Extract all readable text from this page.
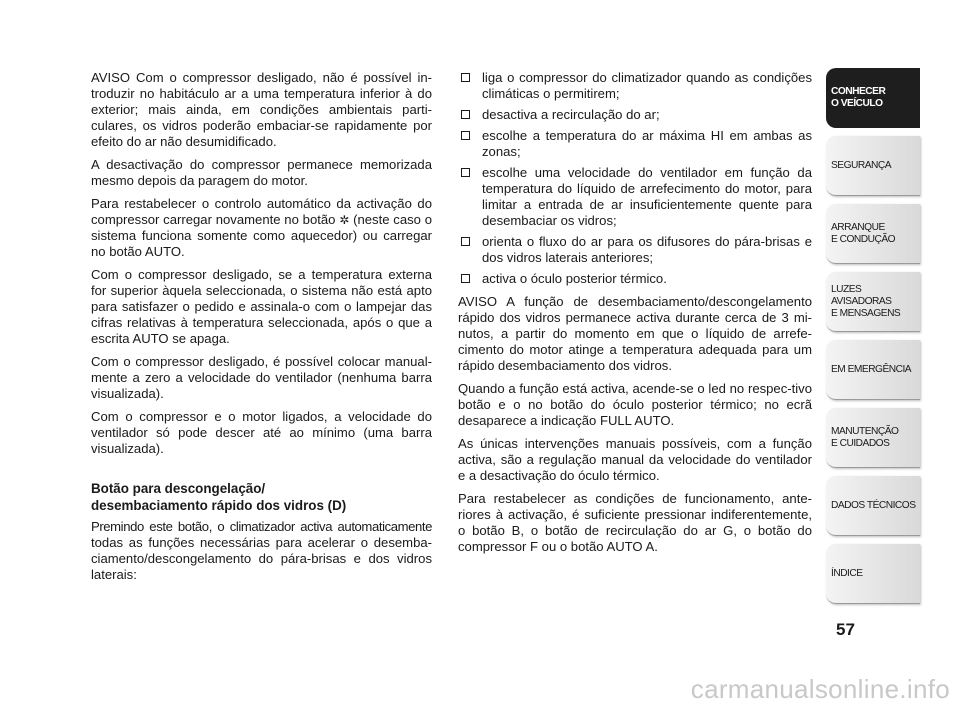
AVISO Com o compressor desligado, não é possível in-troduzir no habitáculo ar a uma temperatura inferior à do exterior; mais ainda, em condições ambientais parti-culares, os vidros poderão embaciar-se rapidamente por efeito do ar não desumidificado.

A desactivação do compressor permanece memorizada mesmo depois da paragem do motor.

Para restabelecer o controlo automático da activação do compressor carregar novamente no botão ✲ (neste caso o sistema funciona somente como aquecedor) ou carregar no botão AUTO.

Com o compressor desligado, se a temperatura externa for superior àquela seleccionada, o sistema não está apto para satisfazer o pedido e assinala-o com o lampejar das cifras relativas à temperatura seleccionada, após o que a escrita AUTO se apaga.

Com o compressor desligado, é possível colocar manual-mente a zero a velocidade do ventilador (nenhuma barra visualizada).

Com o compressor e o motor ligados, a velocidade do ventilador só pode descer até ao mínimo (uma barra visualizada).

Botão para descongelação/
desembaciamento rápido dos vidros (D)

Premindo este botão, o climatizador activa automaticamente todas as funções necessárias para acelerar o desemba-ciamento/descongelamento do pára-brisas e dos vidros laterais:

liga o compressor do climatizador quando as condições climáticas o permitirem;
desactiva a recirculação do ar;
escolhe a temperatura do ar máxima HI em ambas as zonas;
escolhe uma velocidade do ventilador em função da temperatura do líquido de arrefecimento do motor, para limitar a entrada de ar insuficientemente quente para desembaciar os vidros;
orienta o fluxo do ar para os difusores do pára-brisas e dos vidros laterais anteriores;
activa o óculo posterior térmico.

AVISO A função de desembaciamento/descongelamento rápido dos vidros permanece activa durante cerca de 3 mi-nutos, a partir do momento em que o líquido de arrefe-cimento do motor atinge a temperatura adequada para um rápido desembaciamento dos vidros.

Quando a função está activa, acende-se o led no respec-tivo botão e o no botão do óculo posterior térmico; no ecrã desaparece a indicação FULL AUTO.

As únicas intervenções manuais possíveis, com a função activa, são a regulação manual da velocidade do ventilador e a desactivação do óculo térmico.

Para restabelecer as condições de funcionamento, ante-riores à activação, é suficiente pressionar indiferentemente, o botão B, o botão de recirculação do ar G, o botão do compressor F ou o botão AUTO A.

CONHECER
O VEÍCULO
SEGURANÇA
ARRANQUE
E CONDUÇÃO
LUZES AVISADORAS
E MENSAGENS
EM EMERGÊNCIA
MANUTENÇÃO
E CUIDADOS
DADOS TÉCNICOS
ÍNDICE
57
carmanualsonline.info
